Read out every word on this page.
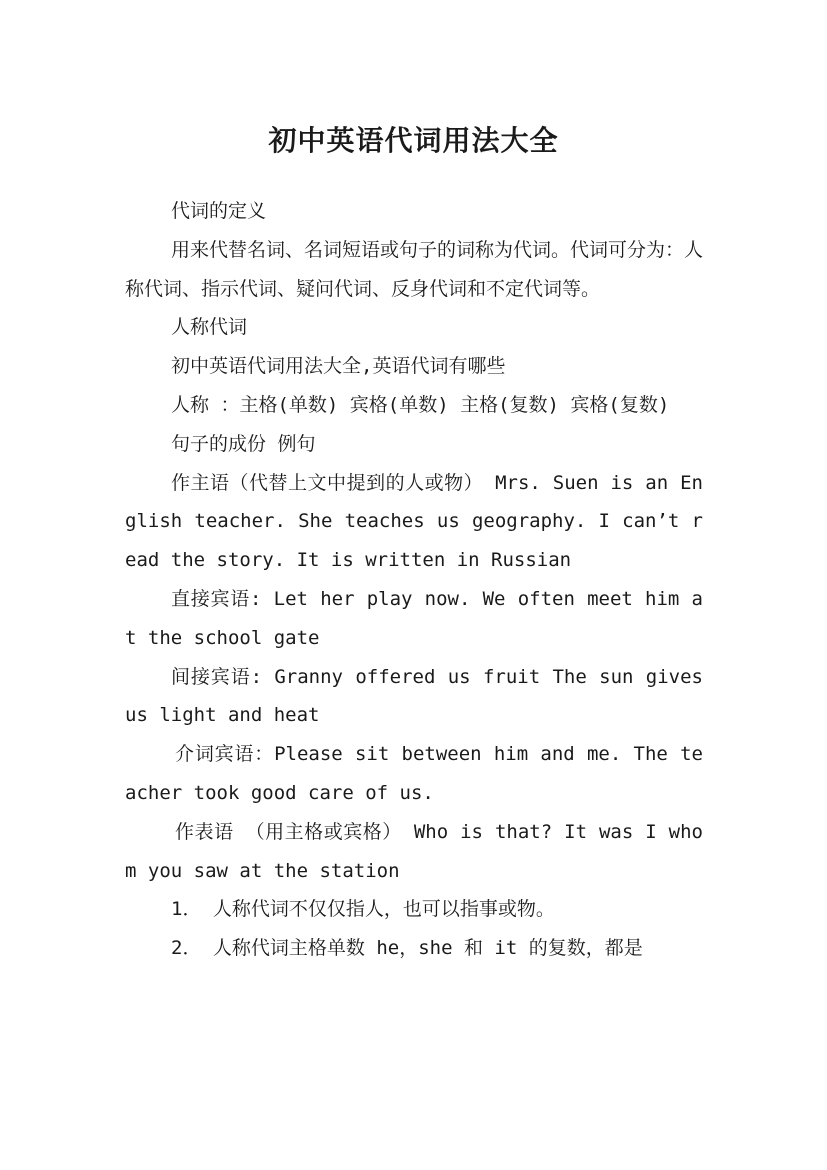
初中英语代词用法大全

代词的定义

用来代替名词、名词短语或句子的词称为代词。代词可分为：人称代词、指示代词、疑问代词、反身代词和不定代词等。

人称代词

初中英语代词用法大全,英语代词有哪些

人称 ：主格(单数) 宾格(单数) 主格(复数) 宾格(复数)

句子的成份 例句

作主语（代替上文中提到的人或物） Mrs. Suen is an English teacher. She teaches us geography. I can’t read the story. It is written in Russian

直接宾语: Let her play now. We often meet him at the school gate

间接宾语: Granny offered us fruit The sun gives us light and heat

介词宾语：Please sit between him and me. The teacher took good care of us.

作表语 （用主格或宾格） Who is that? It was I whom you saw at the station

1． 人称代词不仅仅指人，也可以指事或物。

2． 人称代词主格单数 he，she 和 it 的复数，都是
